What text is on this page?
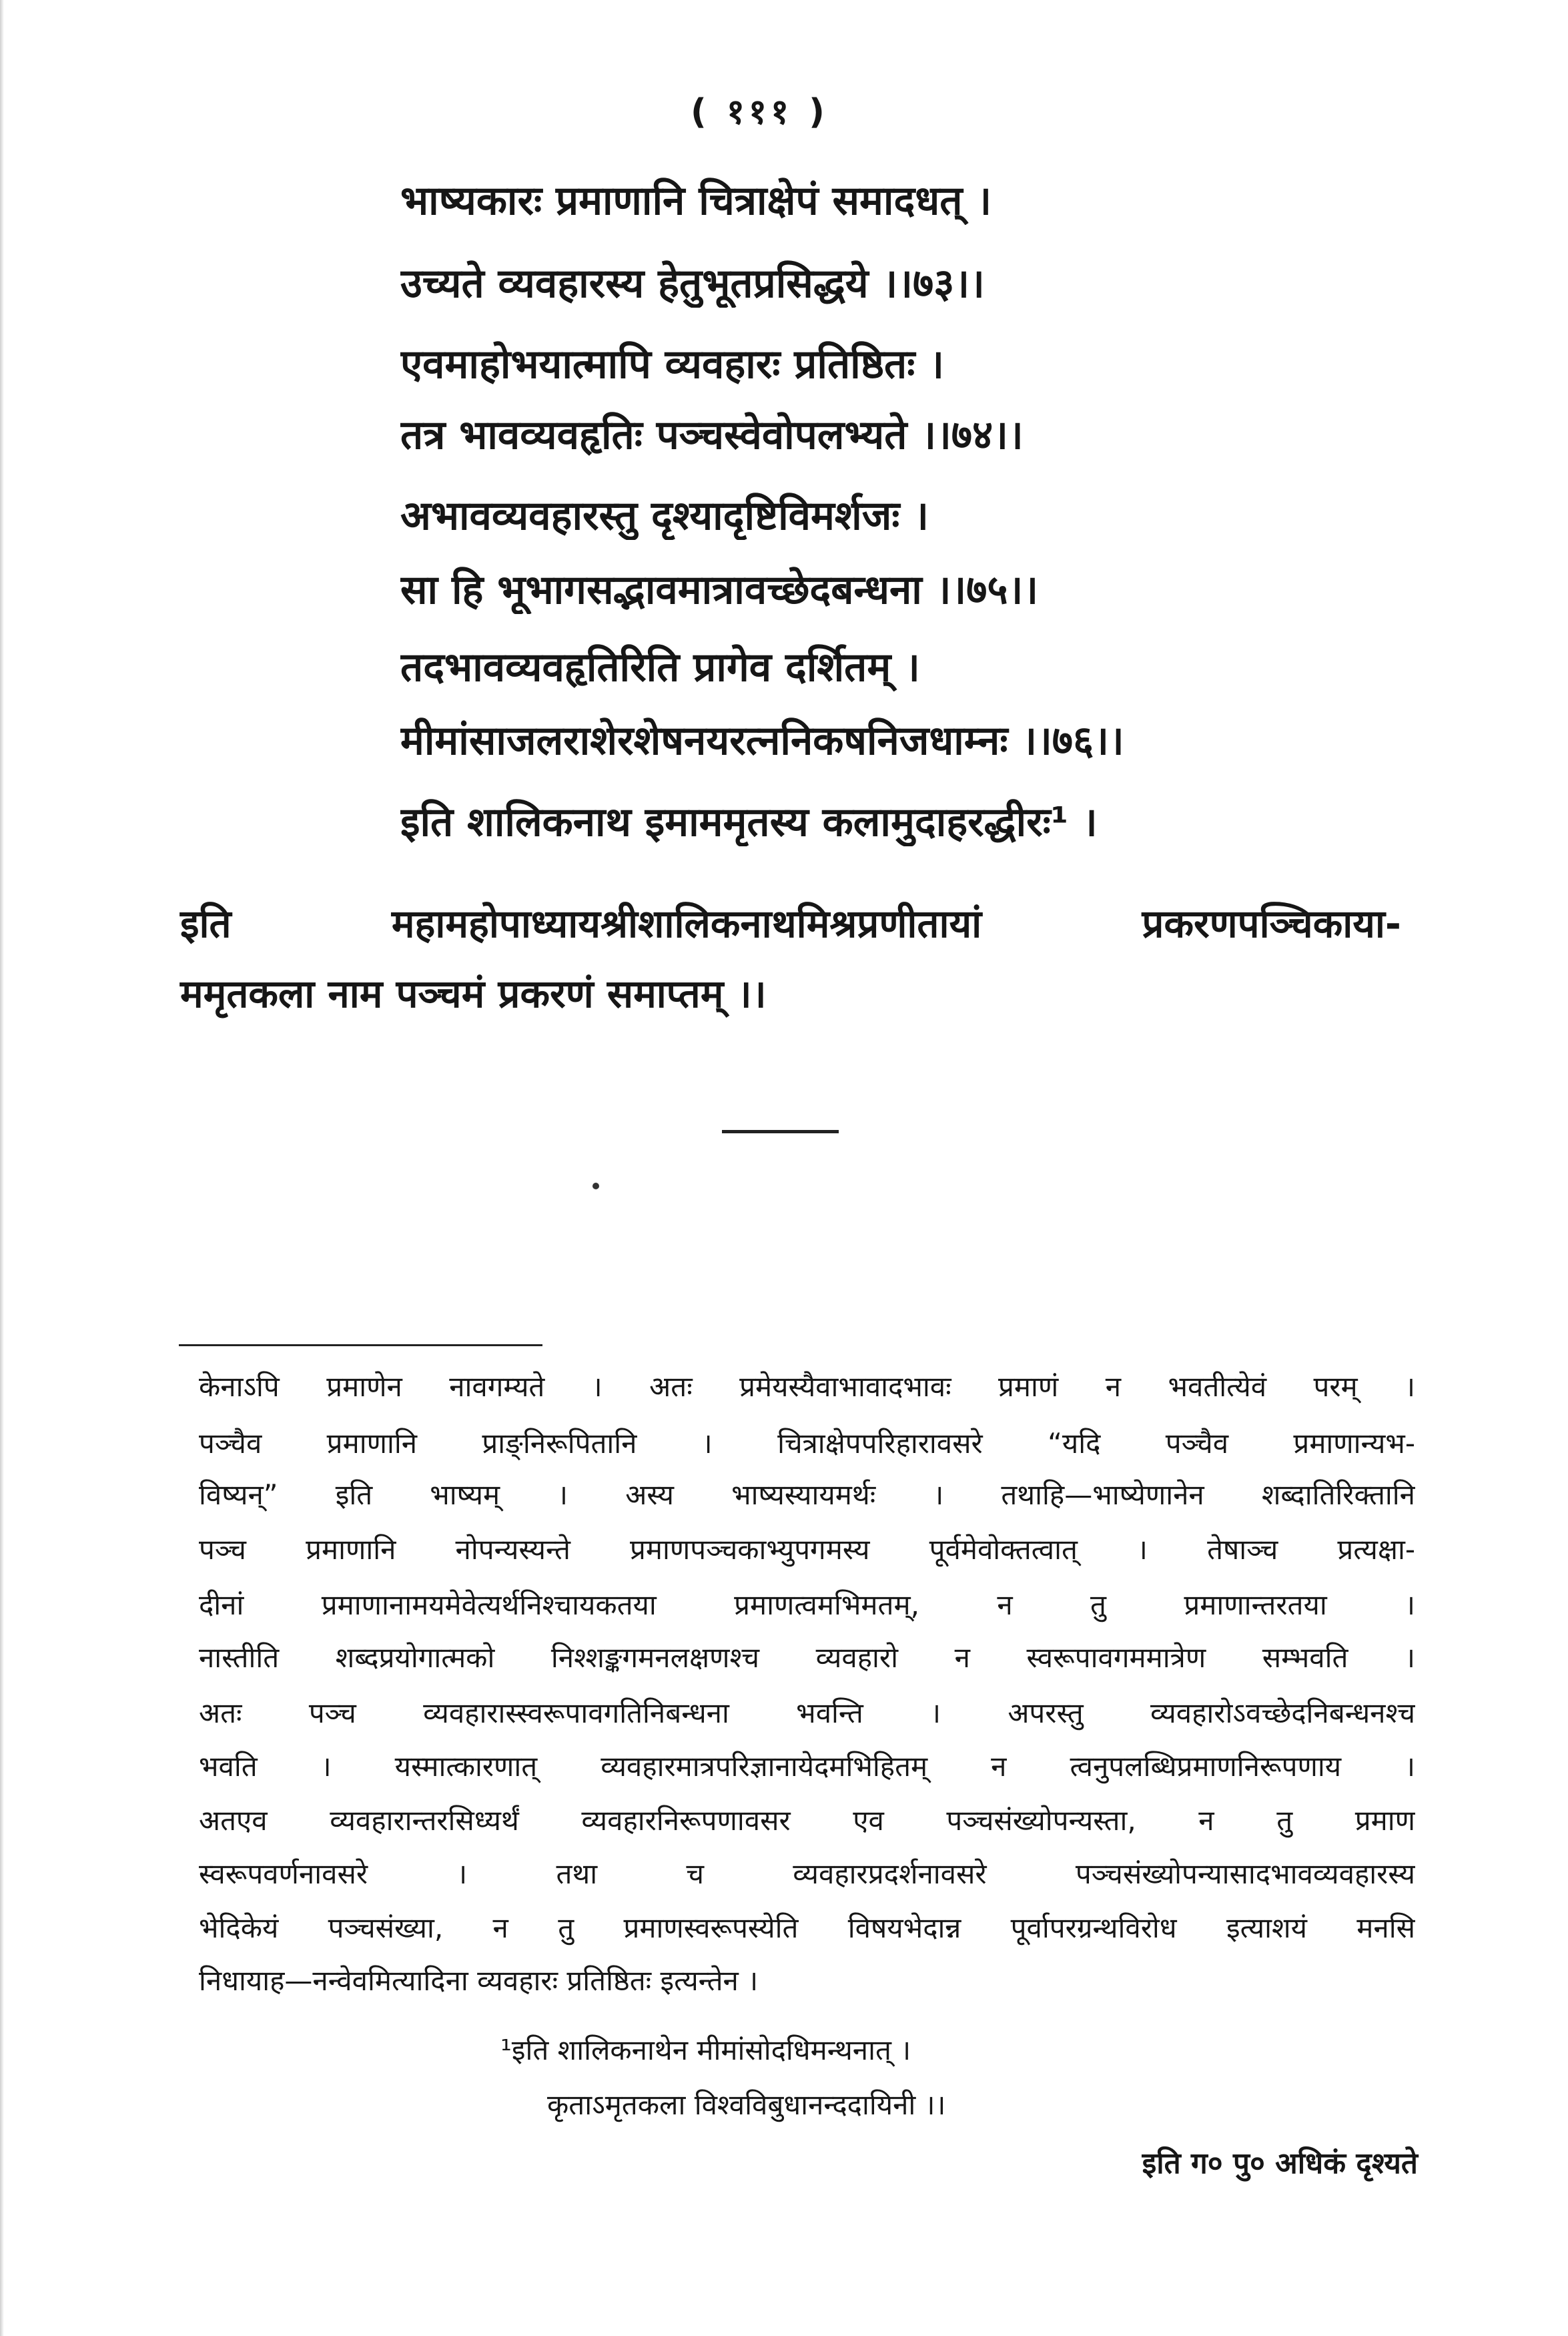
( १११ )
भाष्यकारः प्रमाणानि चित्राक्षेपं समादधत् ।
उच्यते व्यवहारस्य हेतुभूतप्रसिद्धये ।।७३।।
एवमाहोभयात्मापि व्यवहारः प्रतिष्ठितः ।
तत्र भावव्यवहृतिः पञ्चस्वेवोपलभ्यते ।।७४।।
अभावव्यवहारस्तु दृश्यादृष्टिविमर्शजः ।
सा हि भूभागसद्भावमात्रावच्छेदबन्धना ।।७५।।
तदभावव्यवहृतिरिति प्रागेव दर्शितम् ।
मीमांसाजलराशेरशेषनयरत्ननिकषनिजधाम्नः ।।७६।।
इति शालिकनाथ इमाममृतस्य कलामुदाहरद्धीरः¹ ।
इति महामहोपाध्यायश्रीशालिकनाथमिश्रप्रणीतायां प्रकरणपञ्चिकाया-
ममृतकला नाम पञ्चमं प्रकरणं समाप्तम् ।।
केनाऽपि प्रमाणेन नावगम्यते । अतः प्रमेयस्यैवाभावादभावः प्रमाणं न भवतीत्येवं परम् ।
पञ्चैव प्रमाणानि प्राङ्निरूपितानि । चित्राक्षेपपरिहारावसरे “यदि पञ्चैव प्रमाणान्यभ-
विष्यन्” इति भाष्यम् । अस्य भाष्यस्यायमर्थः । तथाहि—भाष्येणानेन शब्दातिरिक्तानि
पञ्च प्रमाणानि नोपन्यस्यन्ते प्रमाणपञ्चकाभ्युपगमस्य पूर्वमेवोक्तत्वात् । तेषाञ्च प्रत्यक्षा-
दीनां प्रमाणानामयमेवेत्यर्थनिश्चायकतया प्रमाणत्वमभिमतम्, न तु प्रमाणान्तरतया ।
नास्तीति शब्दप्रयोगात्मको निश्शङ्कगमनलक्षणश्च व्यवहारो न स्वरूपावगममात्रेण सम्भवति ।
अतः पञ्च व्यवहारास्स्वरूपावगतिनिबन्धना भवन्ति । अपरस्तु व्यवहारोऽवच्छेदनिबन्धनश्च
भवति । यस्मात्कारणात् व्यवहारमात्रपरिज्ञानायेदमभिहितम् न त्वनुपलब्धिप्रमाणनिरूपणाय ।
अतएव व्यवहारान्तरसिध्यर्थं व्यवहारनिरूपणावसर एव पञ्चसंख्योपन्यस्ता, न तु प्रमाण
स्वरूपवर्णनावसरे । तथा च व्यवहारप्रदर्शनावसरे पञ्चसंख्योपन्यासादभावव्यवहारस्य
भेदिकेयं पञ्चसंख्या, न तु प्रमाणस्वरूपस्येति विषयभेदान्न पूर्वापरग्रन्थविरोध इत्याशयं मनसि
निधायाह—नन्वेवमित्यादिना व्यवहारः प्रतिष्ठितः इत्यन्तेन ।
¹इति शालिकनाथेन मीमांसोदधिमन्थनात् ।
कृताऽमृतकला विश्वविबुधानन्ददायिनी ।।
इति ग० पु० अधिकं दृश्यते
